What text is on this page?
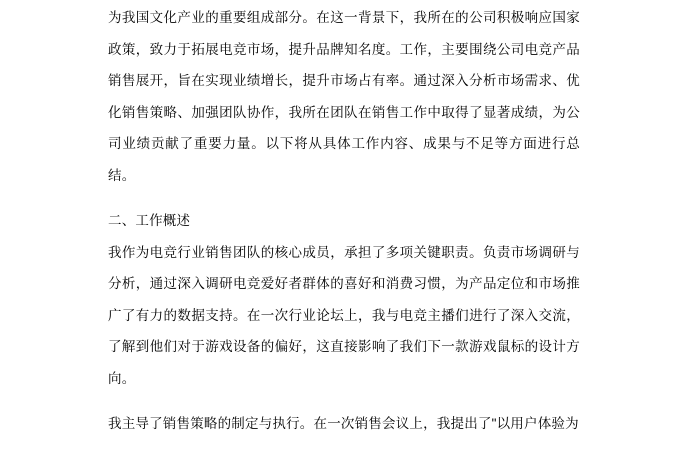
为我国文化产业的重要组成部分。在这一背景下，我所在的公司积极响应国家政策，致力于拓展电竞市场，提升品牌知名度。工作，主要围绕公司电竞产品销售展开，旨在实现业绩增长，提升市场占有率。通过深入分析市场需求、优化销售策略、加强团队协作，我所在团队在销售工作中取得了显著成绩，为公司业绩贡献了重要力量。以下将从具体工作内容、成果与不足等方面进行总结。

二、工作概述

我作为电竞行业销售团队的核心成员，承担了多项关键职责。负责市场调研与分析，通过深入调研电竞爱好者群体的喜好和消费习惯，为产品定位和市场推广了有力的数据支持。在一次行业论坛上，我与电竞主播们进行了深入交流，了解到他们对于游戏设备的偏好，这直接影响了我们下一款游戏鼠标的设计方向。

我主导了销售策略的制定与执行。在一次销售会议上，我提出了"以用户体验为
